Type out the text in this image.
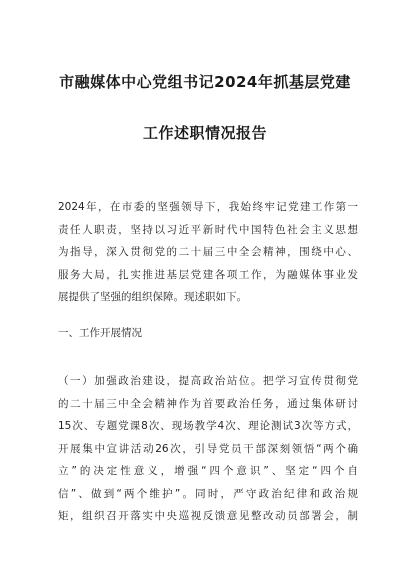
市融媒体中心党组书记2024年抓基层党建
工作述职情况报告
2024年，在市委的坚强领导下，我始终牢记党建工作第一
责任人职责，坚持以习近平新时代中国特色社会主义思想
为指导，深入贯彻党的二十届三中全会精神，围绕中心、
服务大局，扎实推进基层党建各项工作，为融媒体事业发
展提供了坚强的组织保障。现述职如下。
一、工作开展情况
（一）加强政治建设，提高政治站位。把学习宣传贯彻党
的二十届三中全会精神作为首要政治任务，通过集体研讨
15次、专题党课8次、现场教学4次、理论测试3次等方式，
开展集中宣讲活动26次，引导党员干部深刻领悟“两个确
立”的决定性意义，增强“四个意识”、坚定“四个自
信”、做到“两个维护”。同时，严守政治纪律和政治规
矩，组织召开落实中央巡视反馈意见整改动员部署会，制
